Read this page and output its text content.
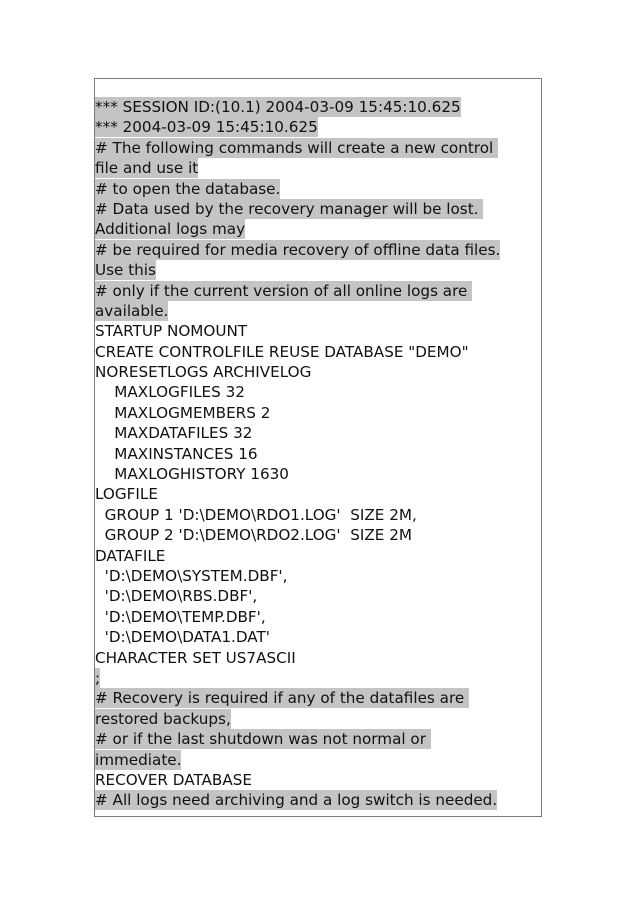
*** SESSION ID:(10.1) 2004-03-09 15:45:10.625
*** 2004-03-09 15:45:10.625
# The following commands will create a new control
file and use it
# to open the database.
# Data used by the recovery manager will be lost.
Additional logs may
# be required for media recovery of offline data files.
Use this
# only if the current version of all online logs are
available.
STARTUP NOMOUNT
CREATE CONTROLFILE REUSE DATABASE "DEMO"
NORESETLOGS ARCHIVELOG
MAXLOGFILES 32
MAXLOGMEMBERS 2
MAXDATAFILES 32
MAXINSTANCES 16
MAXLOGHISTORY 1630
LOGFILE
GROUP 1 'D:\DEMO\RDO1.LOG'  SIZE 2M,
GROUP 2 'D:\DEMO\RDO2.LOG'  SIZE 2M
DATAFILE
'D:\DEMO\SYSTEM.DBF',
'D:\DEMO\RBS.DBF',
'D:\DEMO\TEMP.DBF',
'D:\DEMO\DATA1.DAT'
CHARACTER SET US7ASCII
;
# Recovery is required if any of the datafiles are
restored backups,
# or if the last shutdown was not normal or
immediate.
RECOVER DATABASE
# All logs need archiving and a log switch is needed.
